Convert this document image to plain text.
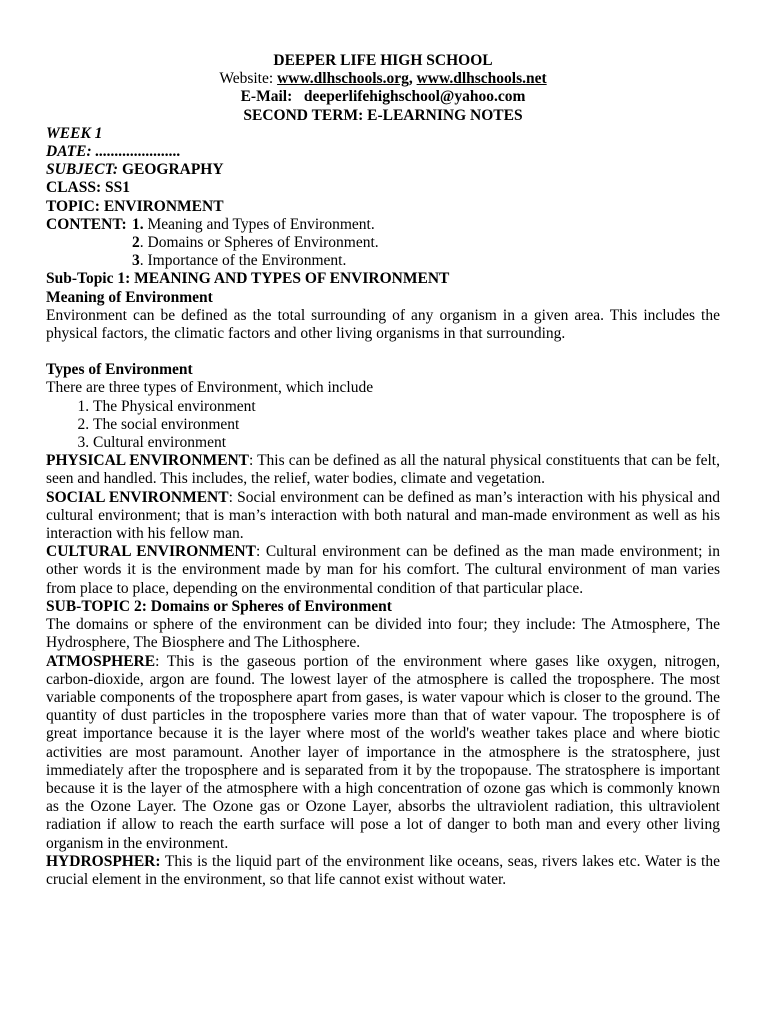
DEEPER LIFE HIGH SCHOOL
Website: www.dlhschools.org, www.dlhschools.net
E-Mail: deeperlifehighschool@yahoo.com
SECOND TERM: E-LEARNING NOTES
WEEK 1
DATE: ......................
SUBJECT: GEOGRAPHY
CLASS: SS1
TOPIC: ENVIRONMENT
CONTENT: 1. Meaning and Types of Environment.
2. Domains or Spheres of Environment.
3. Importance of the Environment.
Sub-Topic 1: MEANING AND TYPES OF ENVIRONMENT
Meaning of Environment

Environment can be defined as the total surrounding of any organism in a given area. This includes the physical factors, the climatic factors and other living organisms in that surrounding.

Types of Environment
There are three types of Environment, which include
1. The Physical environment
2. The social environment
3. Cultural environment

PHYSICAL ENVIRONMENT: This can be defined as all the natural physical constituents that can be felt, seen and handled. This includes, the relief, water bodies, climate and vegetation.

SOCIAL ENVIRONMENT: Social environment can be defined as man’s interaction with his physical and cultural environment; that is man’s interaction with both natural and man-made environment as well as his interaction with his fellow man.

CULTURAL ENVIRONMENT: Cultural environment can be defined as the man made environment; in other words it is the environment made by man for his comfort. The cultural environment of man varies from place to place, depending on the environmental condition of that particular place.

SUB-TOPIC 2: Domains or Spheres of Environment

The domains or sphere of the environment can be divided into four; they include: The Atmosphere, The Hydrosphere, The Biosphere and The Lithosphere.

ATMOSPHERE: This is the gaseous portion of the environment where gases like oxygen, nitrogen, carbon-dioxide, argon are found. The lowest layer of the atmosphere is called the troposphere. The most variable components of the troposphere apart from gases, is water vapour which is closer to the ground. The quantity of dust particles in the troposphere varies more than that of water vapour. The troposphere is of great importance because it is the layer where most of the world's weather takes place and where biotic activities are most paramount. Another layer of importance in the atmosphere is the stratosphere, just immediately after the troposphere and is separated from it by the tropopause. The stratosphere is important because it is the layer of the atmosphere with a high concentration of ozone gas which is commonly known as the Ozone Layer. The Ozone gas or Ozone Layer, absorbs the ultraviolent radiation, this ultraviolent radiation if allow to reach the earth surface will pose a lot of danger to both man and every other living organism in the environment.

HYDROSPHER: This is the liquid part of the environment like oceans, seas, rivers lakes etc. Water is the crucial element in the environment, so that life cannot exist without water.
